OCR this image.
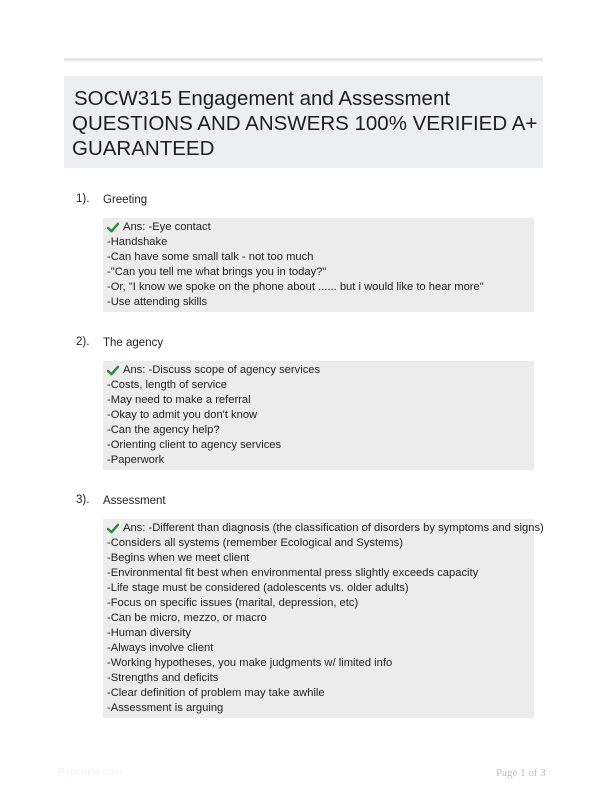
SOCW315 Engagement and Assessment
QUESTIONS AND ANSWERS 100% VERIFIED A+
GUARANTEED
1). Greeting
Ans: -Eye contact
-Handshake
-Can have some small talk - not too much
-"Can you tell me what brings you in today?"
-Or, "I know we spoke on the phone about ...... but i would like to hear more"
-Use attending skills
2). The agency
Ans: -Discuss scope of agency services
-Costs, length of service
-May need to make a referral
-Okay to admit you don't know
-Can the agency help?
-Orienting client to agency services
-Paperwork
3). Assessment
Ans: -Different than diagnosis (the classification of disorders by symptoms and signs)
-Considers all systems (remember Ecological and Systems)
-Begins when we meet client
-Environmental fit best when environmental press slightly exceeds capacity
-Life stage must be considered (adolescents vs. older adults)
-Focus on specific issues (marital, depression, etc)
-Can be micro, mezzo, or macro
-Human diversity
-Always involve client
-Working hypotheses, you make judgments w/ limited info
-Strengths and deficits
-Clear definition of problem may take awhile
-Assessment is arguing
Papertitle.com	Page 1 of 3
